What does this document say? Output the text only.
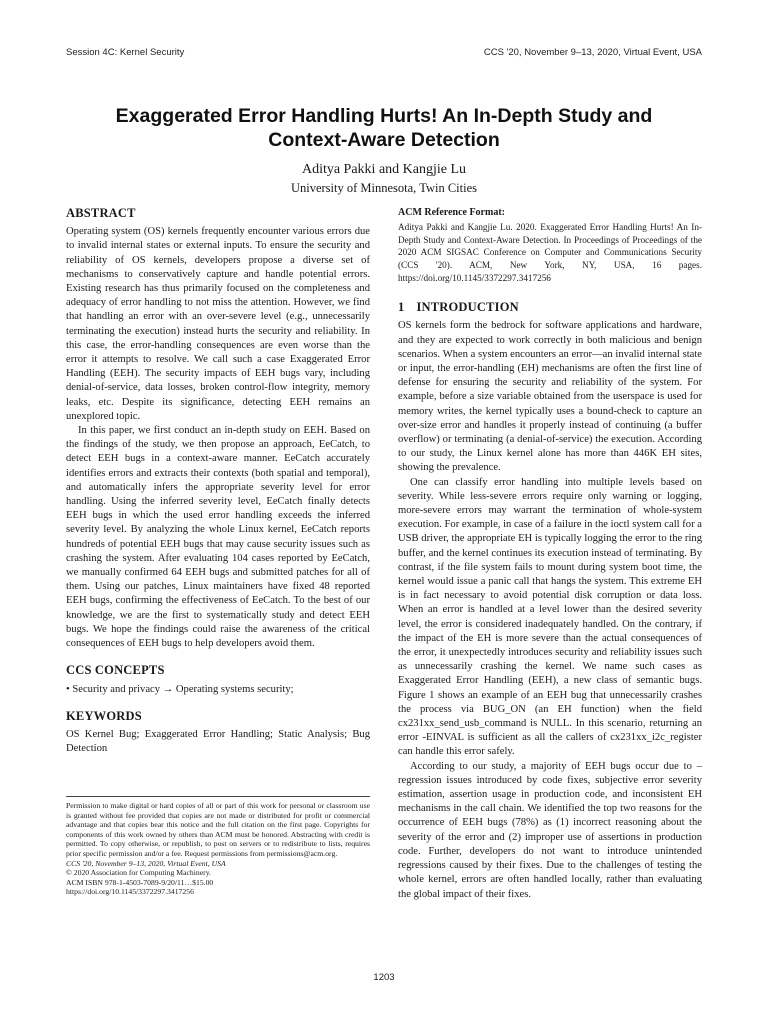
Session 4C: Kernel Security	CCS '20, November 9–13, 2020, Virtual Event, USA
Exaggerated Error Handling Hurts! An In-Depth Study and
Context-Aware Detection
Aditya Pakki and Kangjie Lu
University of Minnesota, Twin Cities
ABSTRACT

Operating system (OS) kernels frequently encounter various errors due to invalid internal states or external inputs. To ensure the security and reliability of OS kernels, developers propose a diverse set of mechanisms to conservatively capture and handle potential errors. Existing research has thus primarily focused on the completeness and adequacy of error handling to not miss the attention. However, we find that handling an error with an over-severe level (e.g., unnecessarily terminating the execution) instead hurts the security and reliability. In this case, the error-handling consequences are even worse than the error it attempts to resolve. We call such a case Exaggerated Error Handling (EEH). The security impacts of EEH bugs vary, including denial-of-service, data losses, broken control-flow integrity, memory leaks, etc. Despite its significance, detecting EEH remains an unexplored topic.

In this paper, we first conduct an in-depth study on EEH. Based on the findings of the study, we then propose an approach, EeCatch, to detect EEH bugs in a context-aware manner. EeCatch accurately identifies errors and extracts their contexts (both spatial and temporal), and automatically infers the appropriate severity level for error handling. Using the inferred severity level, EeCatch finally detects EEH bugs in which the used error handling exceeds the inferred severity level. By analyzing the whole Linux kernel, EeCatch reports hundreds of potential EEH bugs that may cause security issues such as crashing the system. After evaluating 104 cases reported by EeCatch, we manually confirmed 64 EEH bugs and submitted patches for all of them. Using our patches, Linux maintainers have fixed 48 reported EEH bugs, confirming the effectiveness of EeCatch. To the best of our knowledge, we are the first to systematically study and detect EEH bugs. We hope the findings could raise the awareness of the critical consequences of EEH bugs to help developers avoid them.

CCS CONCEPTS
• Security and privacy → Operating systems security;
KEYWORDS

OS Kernel Bug; Exaggerated Error Handling; Static Analysis; Bug Detection

Permission to make digital or hard copies of all or part of this work for personal or classroom use is granted without fee provided that copies are not made or distributed for profit or commercial advantage and that copies bear this notice and the full citation on the first page. Copyrights for components of this work owned by others than ACM must be honored. Abstracting with credit is permitted. To copy otherwise, or republish, to post on servers or to redistribute to lists, requires prior specific permission and/or a fee. Request permissions from permissions@acm.org.
CCS '20, November 9–13, 2020, Virtual Event, USA
© 2020 Association for Computing Machinery.
ACM ISBN 978-1-4503-7089-9/20/11…$15.00
https://doi.org/10.1145/3372297.3417256
ACM Reference Format:

Aditya Pakki and Kangjie Lu. 2020. Exaggerated Error Handling Hurts! An In-Depth Study and Context-Aware Detection. In Proceedings of Proceedings of the 2020 ACM SIGSAC Conference on Computer and Communications Security (CCS '20). ACM, New York, NY, USA, 16 pages. https://doi.org/10.1145/3372297.3417256

1 INTRODUCTION

OS kernels form the bedrock for software applications and hardware, and they are expected to work correctly in both malicious and benign scenarios. When a system encounters an error—an invalid internal state or input, the error-handling (EH) mechanisms are often the first line of defense for ensuring the security and reliability of the system. For example, before a size variable obtained from the userspace is used for memory writes, the kernel typically uses a bound-check to capture an over-size error and handles it properly instead of continuing (a buffer overflow) or terminating (a denial-of-service) the execution. According to our study, the Linux kernel alone has more than 446K EH sites, showing the prevalence.

One can classify error handling into multiple levels based on severity. While less-severe errors require only warning or logging, more-severe errors may warrant the termination of whole-system execution. For example, in case of a failure in the ioctl system call for a USB driver, the appropriate EH is typically logging the error to the ring buffer, and the kernel continues its execution instead of terminating. By contrast, if the file system fails to mount during system boot time, the kernel would issue a panic call that hangs the system. This extreme EH is in fact necessary to avoid potential disk corruption or data loss. When an error is handled at a level lower than the desired severity level, the error is considered inadequately handled. On the contrary, if the impact of the EH is more severe than the actual consequences of the error, it unexpectedly introduces security and reliability issues such as unnecessarily crashing the kernel. We name such cases as Exaggerated Error Handling (EEH), a new class of semantic bugs. Figure 1 shows an example of an EEH bug that unnecessarily crashes the process via BUG_ON (an EH function) when the field cx231xx_send_usb_command is NULL. In this scenario, returning an error -EINVAL is sufficient as all the callers of cx231xx_i2c_register can handle this error safely.

According to our study, a majority of EEH bugs occur due to – regression issues introduced by code fixes, subjective error severity estimation, assertion usage in production code, and inconsistent EH mechanisms in the call chain. We identified the top two reasons for the occurrence of EEH bugs (78%) as (1) incorrect reasoning about the severity of the error and (2) improper use of assertions in production code. Further, developers do not want to introduce unintended regressions caused by their fixes. Due to the challenges of testing the whole kernel, errors are often handled locally, rather than evaluating the global impact of their fixes.

1203
